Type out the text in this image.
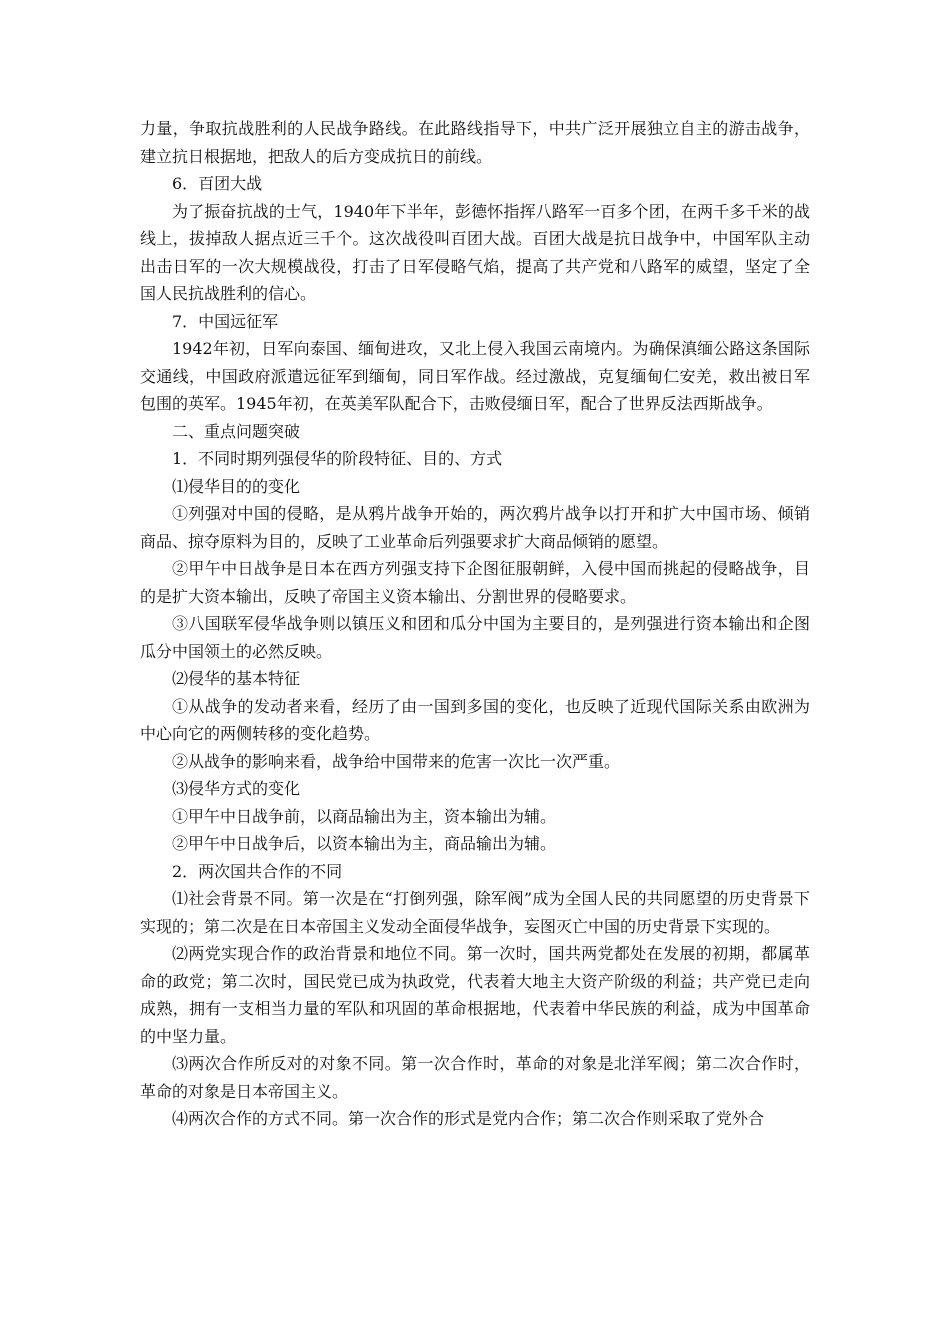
力量，争取抗战胜利的人民战争路线。在此路线指导下，中共广泛开展独立自主的游击战争，建立抗日根据地，把敌人的后方变成抗日的前线。

6．百团大战

为了振奋抗战的士气，1940年下半年，彭德怀指挥八路军一百多个团，在两千多千米的战线上，拔掉敌人据点近三千个。这次战役叫百团大战。百团大战是抗日战争中，中国军队主动出击日军的一次大规模战役，打击了日军侵略气焰，提高了共产党和八路军的威望，坚定了全国人民抗战胜利的信心。

7．中国远征军

1942年初，日军向泰国、缅甸进攻，又北上侵入我国云南境内。为确保滇缅公路这条国际交通线，中国政府派遣远征军到缅甸，同日军作战。经过激战，克复缅甸仁安羌，救出被日军包围的英军。1945年初，在英美军队配合下，击败侵缅日军，配合了世界反法西斯战争。

二、重点问题突破

1．不同时期列强侵华的阶段特征、目的、方式

⑴侵华目的的变化

①列强对中国的侵略，是从鸦片战争开始的，两次鸦片战争以打开和扩大中国市场、倾销商品、掠夺原料为目的，反映了工业革命后列强要求扩大商品倾销的愿望。

②甲午中日战争是日本在西方列强支持下企图征服朝鲜，入侵中国而挑起的侵略战争，目的是扩大资本输出，反映了帝国主义资本输出、分割世界的侵略要求。

③八国联军侵华战争则以镇压义和团和瓜分中国为主要目的，是列强进行资本输出和企图瓜分中国领土的必然反映。

⑵侵华的基本特征

①从战争的发动者来看，经历了由一国到多国的变化，也反映了近现代国际关系由欧洲为中心向它的两侧转移的变化趋势。

②从战争的影响来看，战争给中国带来的危害一次比一次严重。

⑶侵华方式的变化

①甲午中日战争前，以商品输出为主，资本输出为辅。

②甲午中日战争后，以资本输出为主，商品输出为辅。

2．两次国共合作的不同

⑴社会背景不同。第一次是在“打倒列强，除军阀”成为全国人民的共同愿望的历史背景下实现的；第二次是在日本帝国主义发动全面侵华战争，妄图灭亡中国的历史背景下实现的。

⑵两党实现合作的政治背景和地位不同。第一次时，国共两党都处在发展的初期，都属革命的政党；第二次时，国民党已成为执政党，代表着大地主大资产阶级的利益；共产党已走向成熟，拥有一支相当力量的军队和巩固的革命根据地，代表着中华民族的利益，成为中国革命的中坚力量。

⑶两次合作所反对的对象不同。第一次合作时，革命的对象是北洋军阀；第二次合作时，革命的对象是日本帝国主义。

⑷两次合作的方式不同。第一次合作的形式是党内合作；第二次合作则采取了党外合
